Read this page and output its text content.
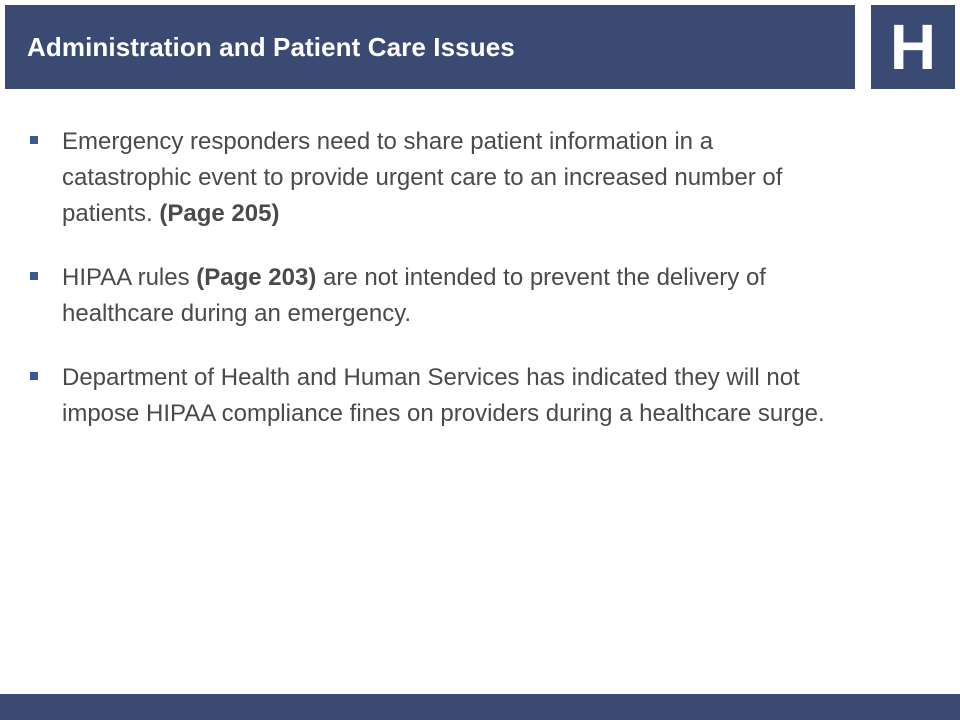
Administration and Patient Care Issues	H
Emergency responders need to share patient information in a catastrophic event to provide urgent care to an increased number of patients. (Page 205)
HIPAA rules (Page 203) are not intended to prevent the delivery of healthcare during an emergency.
Department of Health and Human Services has indicated they will not impose HIPAA compliance fines on providers during a healthcare surge.
